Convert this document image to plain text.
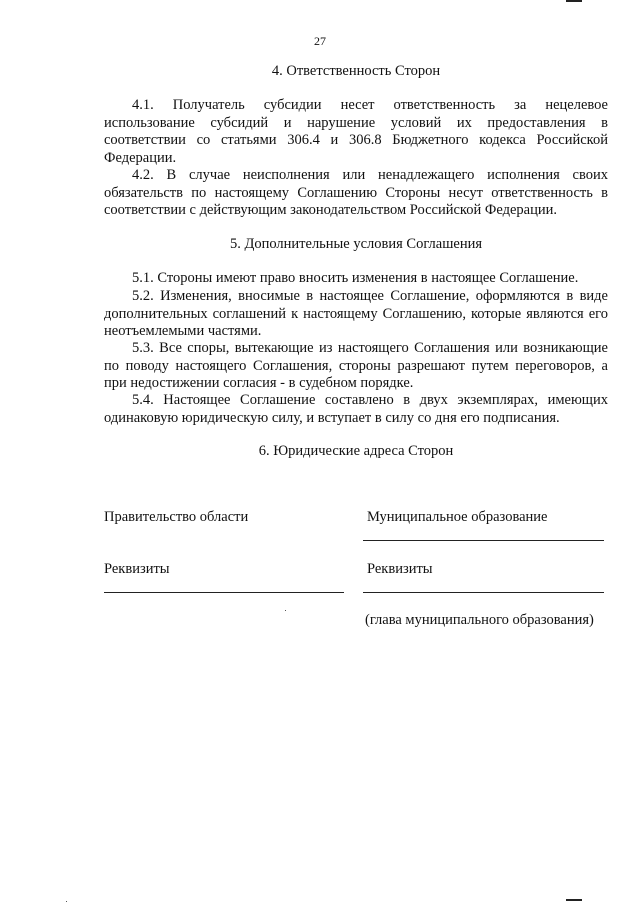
27
4. Ответственность Сторон

4.1. Получатель субсидии несет ответственность за нецелевое использование субсидий и нарушение условий их предоставления в соответствии со статьями 306.4 и 306.8 Бюджетного кодекса Российской Федерации.

4.2. В случае неисполнения или ненадлежащего исполнения своих обязательств по настоящему Соглашению Стороны несут ответственность в соответствии с действующим законодательством Российской Федерации.

5. Дополнительные условия Соглашения

5.1. Стороны имеют право вносить изменения в настоящее Соглашение.

5.2. Изменения, вносимые в настоящее Соглашение, оформляются в виде дополнительных соглашений к настоящему Соглашению, которые являются его неотъемлемыми частями.

5.3. Все споры, вытекающие из настоящего Соглашения или возникающие по поводу настоящего Соглашения, стороны разрешают путем переговоров, а при недостижении согласия - в судебном порядке.

5.4. Настоящее Соглашение составлено в двух экземплярах, имеющих одинаковую юридическую силу, и вступает в силу со дня его подписания.

6. Юридические адреса Сторон
Правительство области	Муниципальное образование
Реквизиты	Реквизиты
(глава муниципального образования)
